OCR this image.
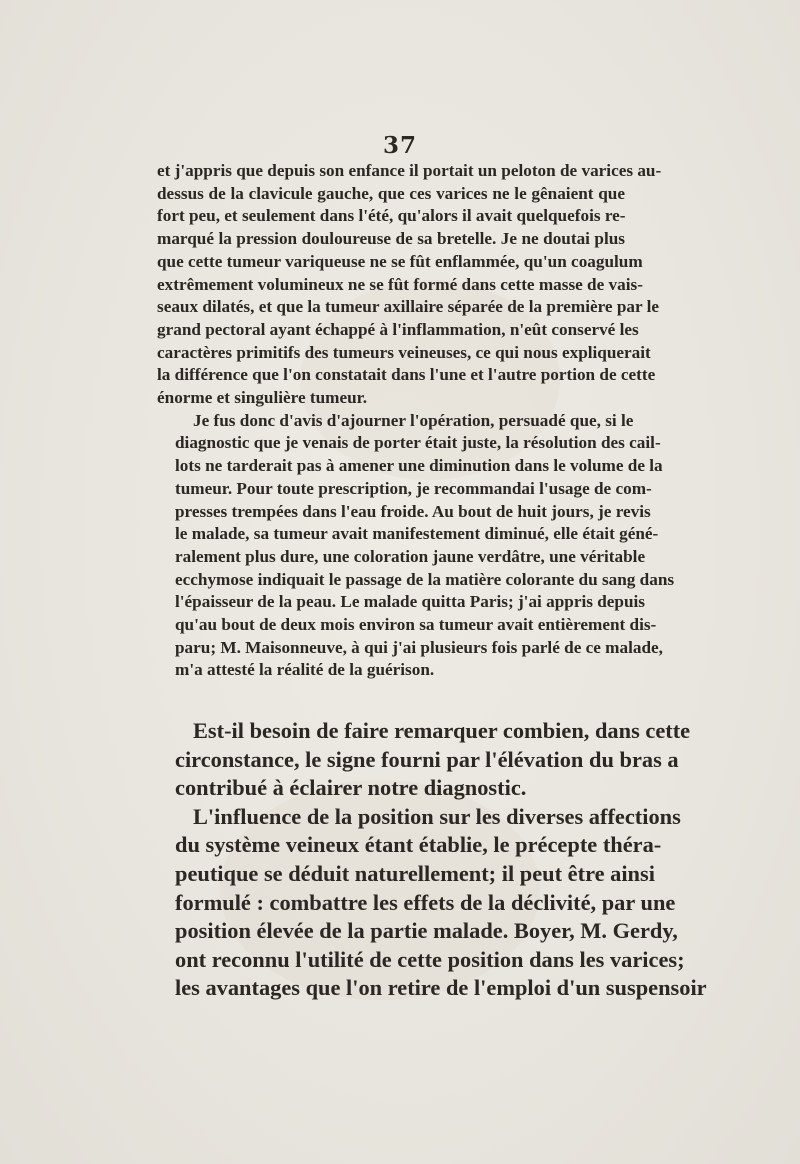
37

et j'appris que depuis son enfance il portait un peloton de varices au-
dessus de la clavicule gauche, que ces varices ne le gênaient que
fort peu, et seulement dans l'été, qu'alors il avait quelquefois re-
marqué la pression douloureuse de sa bretelle. Je ne doutai plus
que cette tumeur variqueuse ne se fût enflammée, qu'un coagulum
extrêmement volumineux ne se fût formé dans cette masse de vais-
seaux dilatés, et que la tumeur axillaire séparée de la première par le
grand pectoral ayant échappé à l'inflammation, n'eût conservé les
caractères primitifs des tumeurs veineuses, ce qui nous expliquerait
la différence que l'on constatait dans l'une et l'autre portion de cette
énorme et singulière tumeur.

Je fus donc d'avis d'ajourner l'opération, persuadé que, si le
diagnostic que je venais de porter était juste, la résolution des cail-
lots ne tarderait pas à amener une diminution dans le volume de la
tumeur. Pour toute prescription, je recommandai l'usage de com-
presses trempées dans l'eau froide. Au bout de huit jours, je revis
le malade, sa tumeur avait manifestement diminué, elle était géné-
ralement plus dure, une coloration jaune verdâtre, une véritable
ecchymose indiquait le passage de la matière colorante du sang dans
l'épaisseur de la peau. Le malade quitta Paris; j'ai appris depuis
qu'au bout de deux mois environ sa tumeur avait entièrement dis-
paru; M. Maisonneuve, à qui j'ai plusieurs fois parlé de ce malade,
m'a attesté la réalité de la guérison.

Est-il besoin de faire remarquer combien, dans cette
circonstance, le signe fourni par l'élévation du bras a
contribué à éclairer notre diagnostic.

L'influence de la position sur les diverses affections
du système veineux étant établie, le précepte théra-
peutique se déduit naturellement; il peut être ainsi
formulé : combattre les effets de la déclivité, par une
position élevée de la partie malade. Boyer, M. Gerdy,
ont reconnu l'utilité de cette position dans les varices;
les avantages que l'on retire de l'emploi d'un suspensoir
